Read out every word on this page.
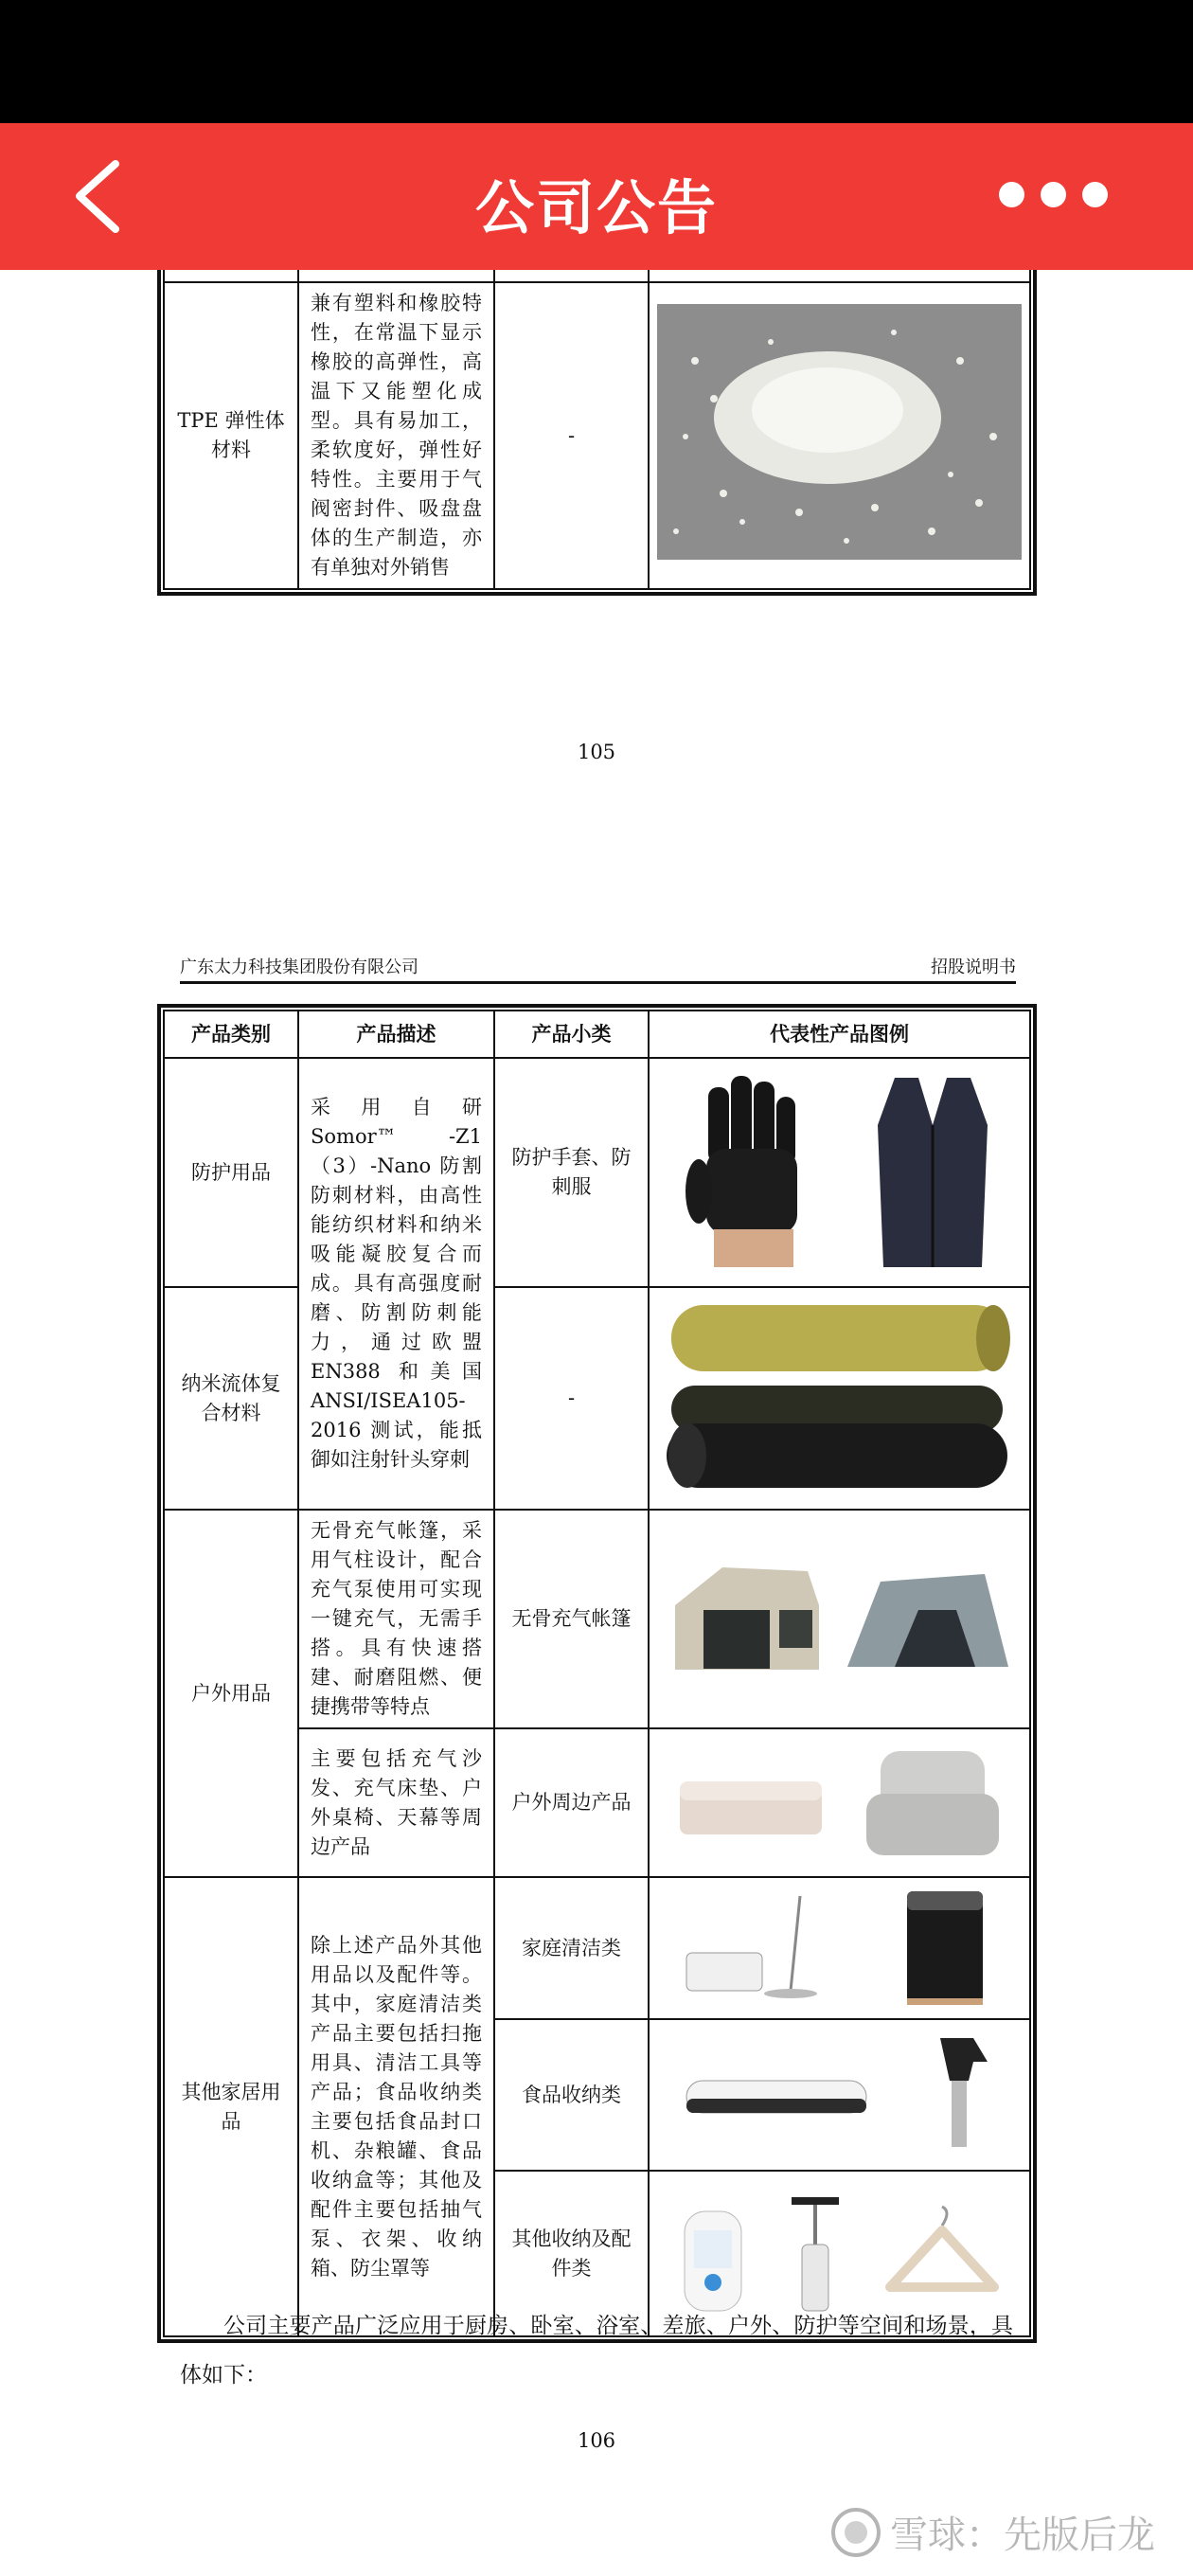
公司公告

TPE 弹性体材料	兼有塑料和橡胶特性，在常温下显示橡胶的高弹性，高温下又能塑化成型。具有易加工，柔软度好，弹性好特性。主要用于气阀密封件、吸盘盘体的生产制造，亦有单独对外销售	-	
105
广东太力科技集团股份有限公司	招股说明书
产品类别	产品描述	产品小类	代表性产品图例
防护用品	采用自研 Somor™ -Z1（3）-Nano 防割防刺材料，由高性能纺织材料和纳米吸能凝胶复合而成。具有高强度耐磨、防割防刺能力，通过欧盟 EN388 和美国 ANSI/ISEA105-2016 测试，能抵御如注射针头穿刺	防护手套、防刺服	

纳米流体复合材料		-	
户外用品	无骨充气帐篷，采用气柱设计，配合充气泵使用可实现一键充气，无需手搭。具有快速搭建、耐磨阻燃、便捷携带等特点	无骨充气帐篷	

	主要包括充气沙发、充气床垫、户外桌椅、天幕等周边产品	户外周边产品	

其他家居用品	除上述产品外其他用品以及配件等。其中，家庭清洁类产品主要包括扫拖用具、清洁工具等产品；食品收纳类主要包括食品封口机、杂粮罐、食品收纳盒等；其他及配件主要包括抽气泵、衣架、收纳箱、防尘罩等	家庭清洁类	

		食品收纳类	

		其他收纳及配件类	
公司主要产品广泛应用于厨房、卧室、浴室、差旅、户外、防护等空间和场景，具体如下：
106
雪球：先版后龙
